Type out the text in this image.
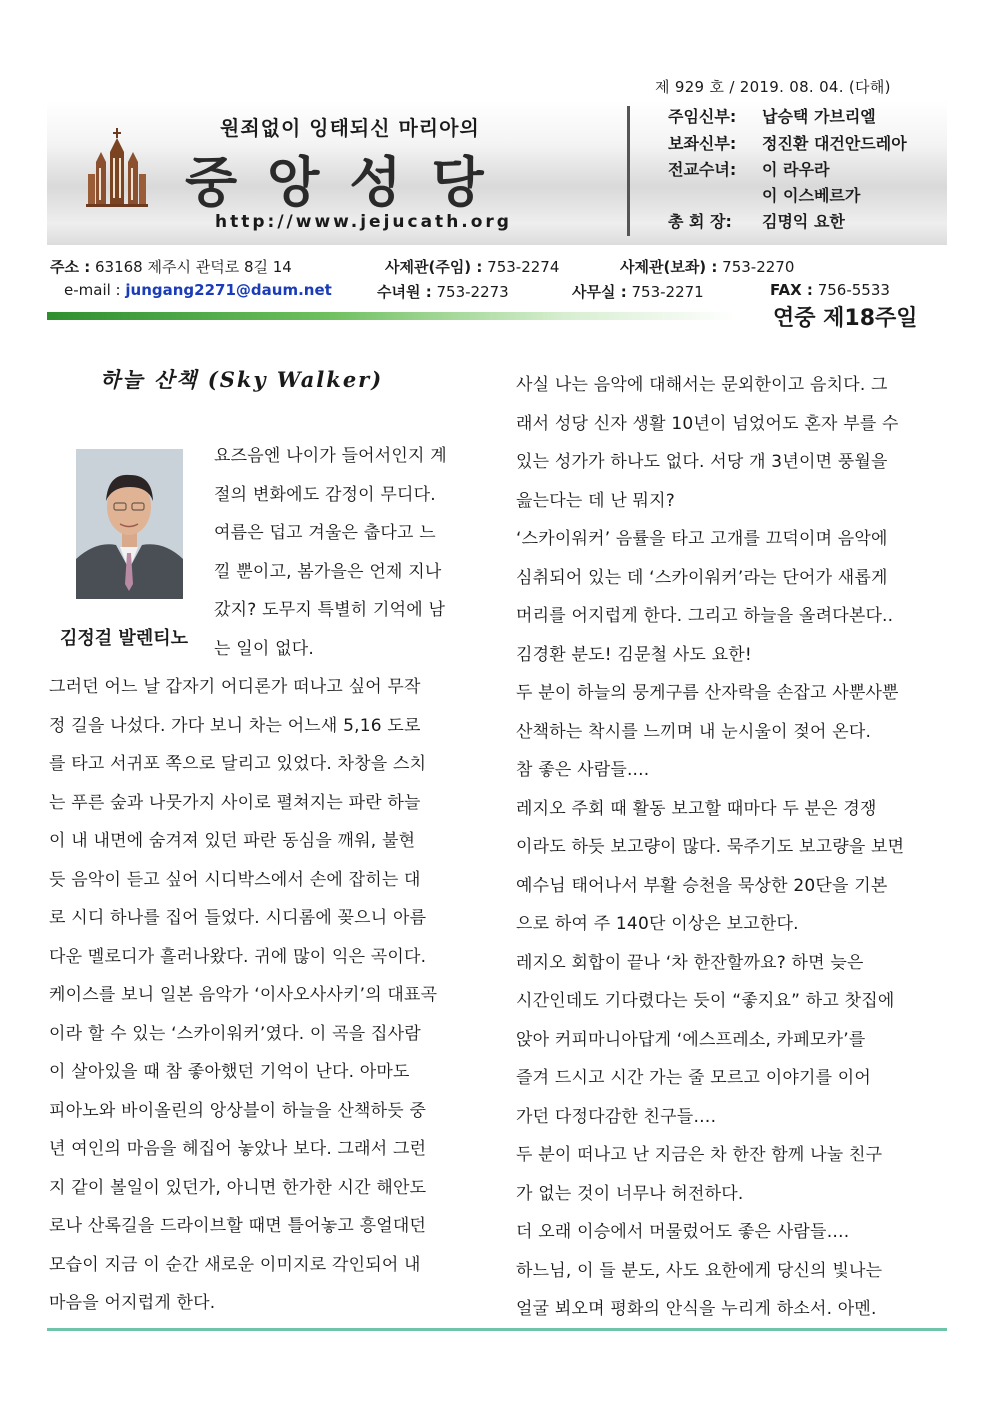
제 929 호 / 2019. 08. 04. (다해)
원죄없이 잉태되신 마리아의
중앙성당
http://www.jejucath.org
주임신부: 납승택 가브리엘
보좌신부: 정진환 대건안드레아
전교수녀: 이 라우라
이 이스베르가
총 회 장: 김명익 요한
주소 : 63168 제주시 관덕로 8길 14	사제관(주임) : 753-2274	사제관(보좌) : 753-2270
e-mail : jungang2271@daum.net	수녀원 : 753-2273	사무실 : 753-2271	FAX : 756-5533
연중 제18주일
하늘 산책 (Sky Walker)
김정걸 발렌티노
요즈음엔 나이가 들어서인지 계
절의 변화에도 감정이 무디다.
여름은 덥고 겨울은 춥다고 느
낄 뿐이고, 봄가을은 언제 지나
갔지? 도무지 특별히 기억에 남
는 일이 없다.
그러던 어느 날 갑자기 어디론가 떠나고 싶어 무작
정 길을 나섰다. 가다 보니 차는 어느새 5,16 도로
를 타고 서귀포 쪽으로 달리고 있었다. 차창을 스치
는 푸른 숲과 나뭇가지 사이로 펼쳐지는 파란 하늘
이 내 내면에 숨겨져 있던 파란 동심을 깨워, 불현
듯 음악이 듣고 싶어 시디박스에서 손에 잡히는 대
로 시디 하나를 집어 들었다. 시디롬에 꽂으니 아름
다운 멜로디가 흘러나왔다. 귀에 많이 익은 곡이다.
케이스를 보니 일본 음악가 ‘이사오사사키’의 대표곡
이라 할 수 있는 ‘스카이워커’였다. 이 곡을 집사람
이 살아있을 때 참 좋아했던 기억이 난다. 아마도
피아노와 바이올린의 앙상블이 하늘을 산책하듯 중
년 여인의 마음을 헤집어 놓았나 보다. 그래서 그런
지 같이 볼일이 있던가, 아니면 한가한 시간 해안도
로나 산록길을 드라이브할 때면 틀어놓고 흥얼대던
모습이 지금 이 순간 새로운 이미지로 각인되어 내
마음을 어지럽게 한다.
사실 나는 음악에 대해서는 문외한이고 음치다. 그
래서 성당 신자 생활 10년이 넘었어도 혼자 부를 수
있는 성가가 하나도 없다. 서당 개 3년이면 풍월을
읊는다는 데 난 뭐지?
‘스카이워커’ 음률을 타고 고개를 끄덕이며 음악에
심취되어 있는 데 ‘스카이워커’라는 단어가 새롭게
머리를 어지럽게 한다. 그리고 하늘을 올려다본다..
김경환 분도! 김문철 사도 요한!
두 분이 하늘의 뭉게구름 산자락을 손잡고 사뿐사뿐
산책하는 착시를 느끼며 내 눈시울이 젖어 온다.
참 좋은 사람들....
레지오 주회 때 활동 보고할 때마다 두 분은 경쟁
이라도 하듯 보고량이 많다. 묵주기도 보고량을 보면
예수님 태어나서 부활 승천을 묵상한 20단을 기본
으로 하여 주 140단 이상은 보고한다.
레지오 회합이 끝나 ‘차 한잔할까요? 하면 늦은
시간인데도 기다렸다는 듯이 “좋지요” 하고 찻집에
앉아 커피마니아답게 ‘에스프레소, 카페모카’를
즐겨 드시고 시간 가는 줄 모르고 이야기를 이어
가던 다정다감한 친구들….
두 분이 떠나고 난 지금은 차 한잔 함께 나눌 친구
가 없는 것이 너무나 허전하다.
더 오래 이승에서 머물렀어도 좋은 사람들….
하느님, 이 들 분도, 사도 요한에게 당신의 빛나는
얼굴 뵈오며 평화의 안식을 누리게 하소서. 아멘.
